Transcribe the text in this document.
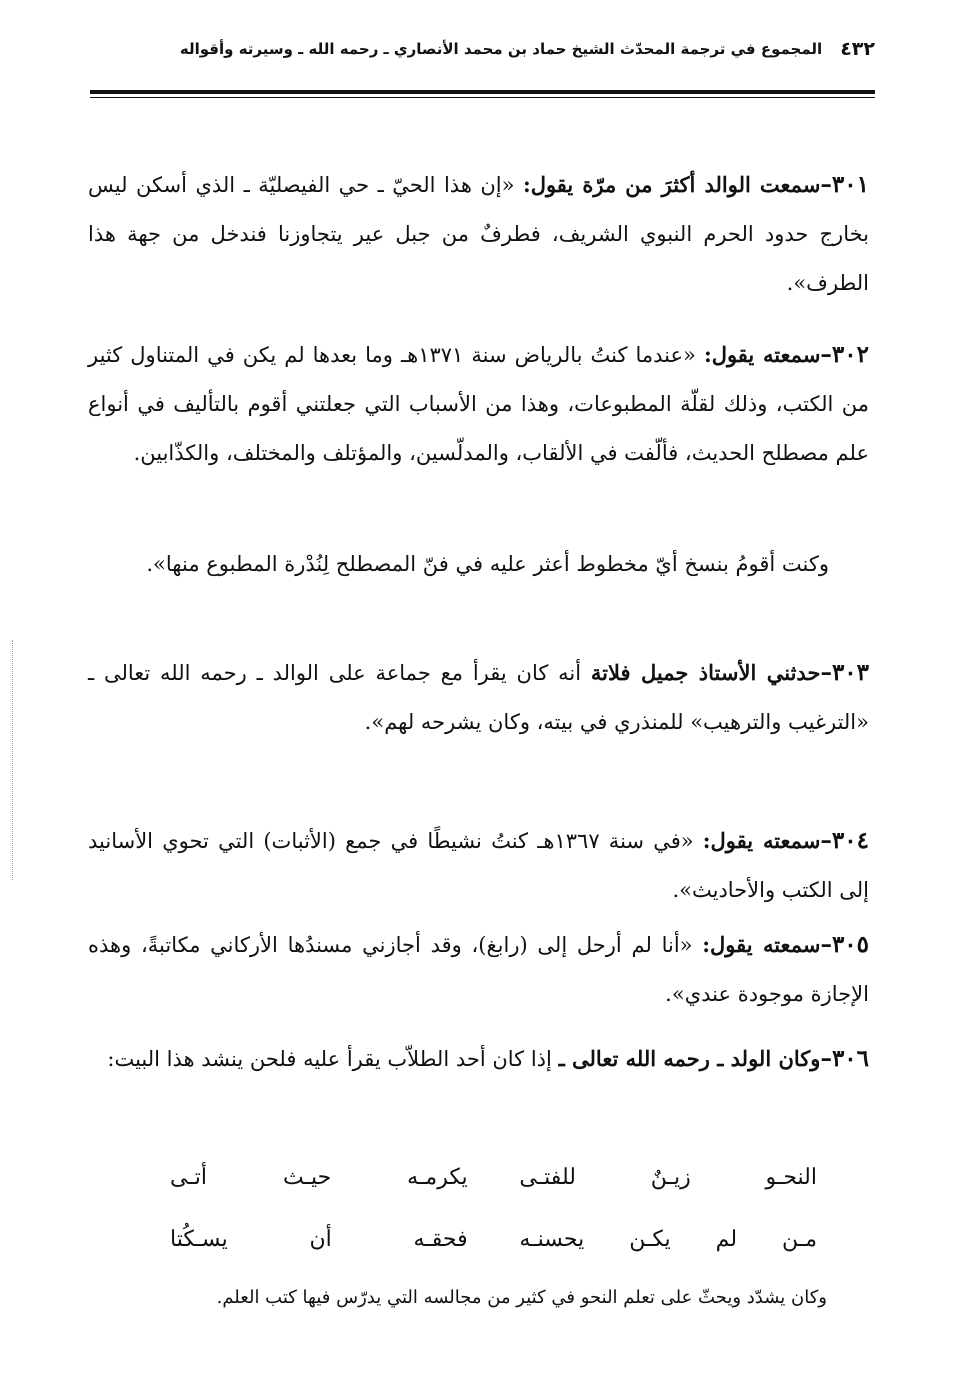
٤٣٢
المجموع في ترجمة المحدّث الشيخ حماد بن محمد الأنصاري ـ رحمه الله ـ وسيرته وأقواله
٣٠١–سمعت الوالد أكثرَ من مرّة يقول: «إن هذا الحيّ ـ حي الفيصليّة ـ الذي أسكن ليس بخارج حدود الحرم النبوي الشريف، فطرفٌ من جبل عير يتجاوزنا فندخل من جهة هذا الطرف».
٣٠٢–سمعته يقول: «عندما كنتُ بالرياض سنة ١٣٧١هـ وما بعدها لم يكن في المتناول كثير من الكتب، وذلك لقلّة المطبوعات، وهذا من الأسباب التي جعلتني أقوم بالتأليف في أنواع علم مصطلح الحديث، فألّفت في الألقاب، والمدلّسين، والمؤتلف والمختلف، والكذّابين.
وكنت أقومُ بنسخ أيّ مخطوط أعثر عليه في فنّ المصطلح لِنُدْرة المطبوع منها».
٣٠٣–حدثني الأستاذ جميل فلاتة أنه كان يقرأ مع جماعة على الوالد ـ رحمه الله تعالى ـ «الترغيب والترهيب» للمنذري في بيته، وكان يشرحه لهم».
٣٠٤–سمعته يقول: «في سنة ١٣٦٧هـ كنتُ نشيطًا في جمع (الأثبات) التي تحوي الأسانيد إلى الكتب والأحاديث».
٣٠٥–سمعته يقول: «أنا لم أرحل إلى (رابغ)، وقد أجازني مسندُها الأركاني مكاتبةً، وهذه الإجازة موجودة عندي».
٣٠٦–وكان الولد ـ رحمه الله تعالى ـ إذا كان أحد الطلاّب يقرأ عليه فلحن ينشد هذا البيت:
النحـو زيـنٌ للفتـى
يكرمـه حيـث أتـى
مـن لم يكـن يحسنـه
فحقـه أن يسـكُتا
وكان يشدّد ويحثّ على تعلم النحو في كثير من مجالسه التي يدرّس فيها كتب العلم.
